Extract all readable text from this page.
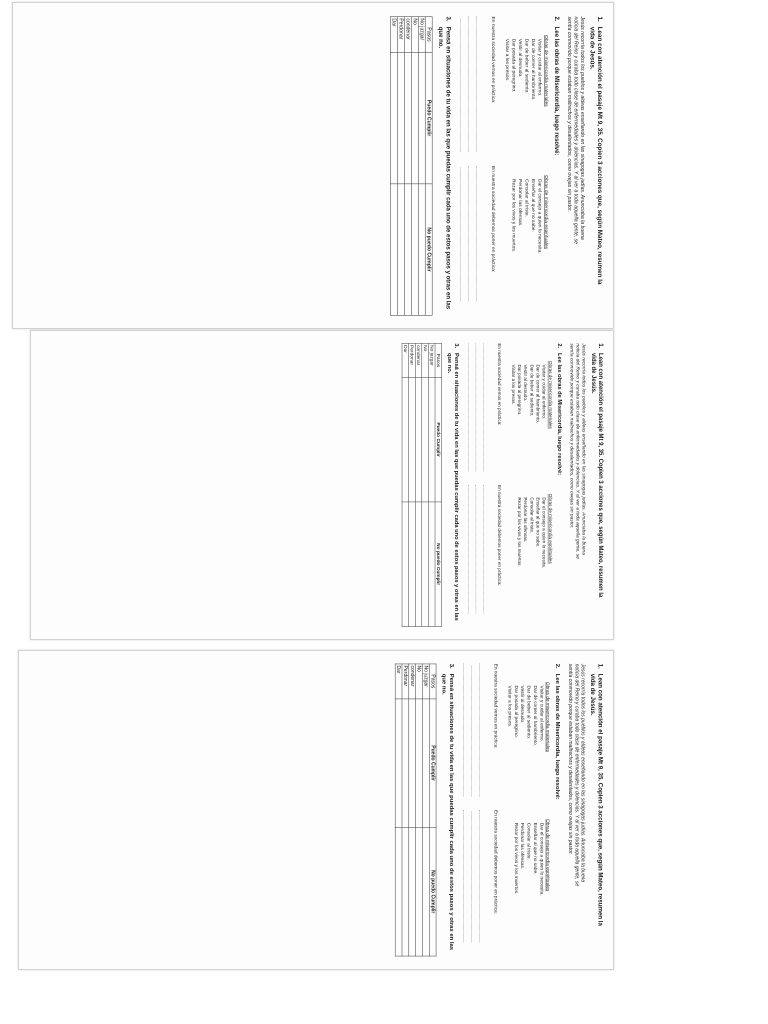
1.Lean con atención el pasaje Mt 9, 35. Copien 3 acciones que, según Mateo, resumen la
vida de Jesús.

Jesús recorría todos los pueblos y aldeas enseñando en las sinagogas judías. Anunciaba la buena
noticia del Reino y curaba todo clase de enfermedades y dolencias. Y al ver a toda aquella gente, se
sentía conmovido porque estaban maltrechos y desalentados, como ovejas sin pastor.

2.Lee las obras de Misericordia, luego resolvé:

Obras de misericordia materiales
Visitar y cuidar al enfermo.
Dar de comer al hambriento.
Dar de beber al sediento.
Vestir al desnudo.
Dar posada al peregrino.
Visitar a los presos.
Obras de misericordia espirituales
Dar el consejo a quien lo necesita.
Enseñar al que no sabe.
Consolar al triste.
Perdonar las ofensas.
Rezar por los vivos y los muertos.
En nuestra sociedad vemos en práctica:
En nuestra sociedad debemos poner en práctica:

3.Pensá en situaciones de tu vida en las que puedas cumplir cada uno de estos pasos y otras en las
que no.

Pasos	Puedo Cumplir	No puedo Cumplir
No juzgar		
No		
condenar		
Perdonar		
Dar		

1.Lean con atención el pasaje Mt 9, 35. Copien 3 acciones que, según Mateo, resumen la
vida de Jesús.

Jesús recorría todos los pueblos y aldeas enseñando en las sinagogas judías. Anunciaba la buena
noticia del Reino y curaba todo clase de enfermedades y dolencias. Y al ver a toda aquella gente, se
sentía conmovido porque estaban maltrechos y desalentados, como ovejas sin pastor.

2.Lee las obras de Misericordia, luego resolvé:

Obras de misericordia materiales
Visitar y cuidar al enfermo.
Dar de comer al hambriento.
Dar de beber al sediento.
Vestir al desnudo.
Dar posada al peregrino.
Visitar a los presos.
Obras de misericordia espirituales
Dar el consejo a quien lo necesita.
Enseñar al que no sabe.
Consolar al triste.
Perdonar las ofensas.
Rezar por los vivos y los muertos.
En nuestra sociedad vemos en práctica:
En nuestra sociedad debemos poner en práctica:

3.Pensá en situaciones de tu vida en las que puedas cumplir cada uno de estos pasos y otras en las
que no.

Pasos	Puedo Cumplir	No puedo Cumplir
No juzgar		
No		
condenar		
Perdonar		
Dar		

1.Lean con atención el pasaje Mt 9, 35. Copien 3 acciones que, según Mateo, resumen la
vida de Jesús.

Jesús recorría todos los pueblos y aldeas enseñando en las sinagogas judías. Anunciaba la buena
noticia del Reino y curaba todo clase de enfermedades y dolencias. Y al ver a toda aquella gente, se
sentía conmovido porque estaban maltrechos y desalentados, como ovejas sin pastor.

2.Lee las obras de Misericordia, luego resolvé:

Obras de misericordia materiales
Visitar y cuidar al enfermo.
Dar de comer al hambriento.
Dar de beber al sediento.
Vestir al desnudo.
Dar posada al peregrino.
Visitar a los presos.
Obras de misericordia espirituales
Dar el consejo a quien lo necesita.
Enseñar al que no sabe.
Consolar al triste.
Perdonar las ofensas.
Rezar por los vivos y los muertos.
En nuestra sociedad vemos en práctica:
En nuestra sociedad debemos poner en práctica:

3.Pensá en situaciones de tu vida en las que puedas cumplir cada uno de estos pasos y otras en las
que no.

Pasos	Puedo Cumplir	No puedo Cumplir
No juzgar		
No		
condenar		
Perdonar		
Dar		
